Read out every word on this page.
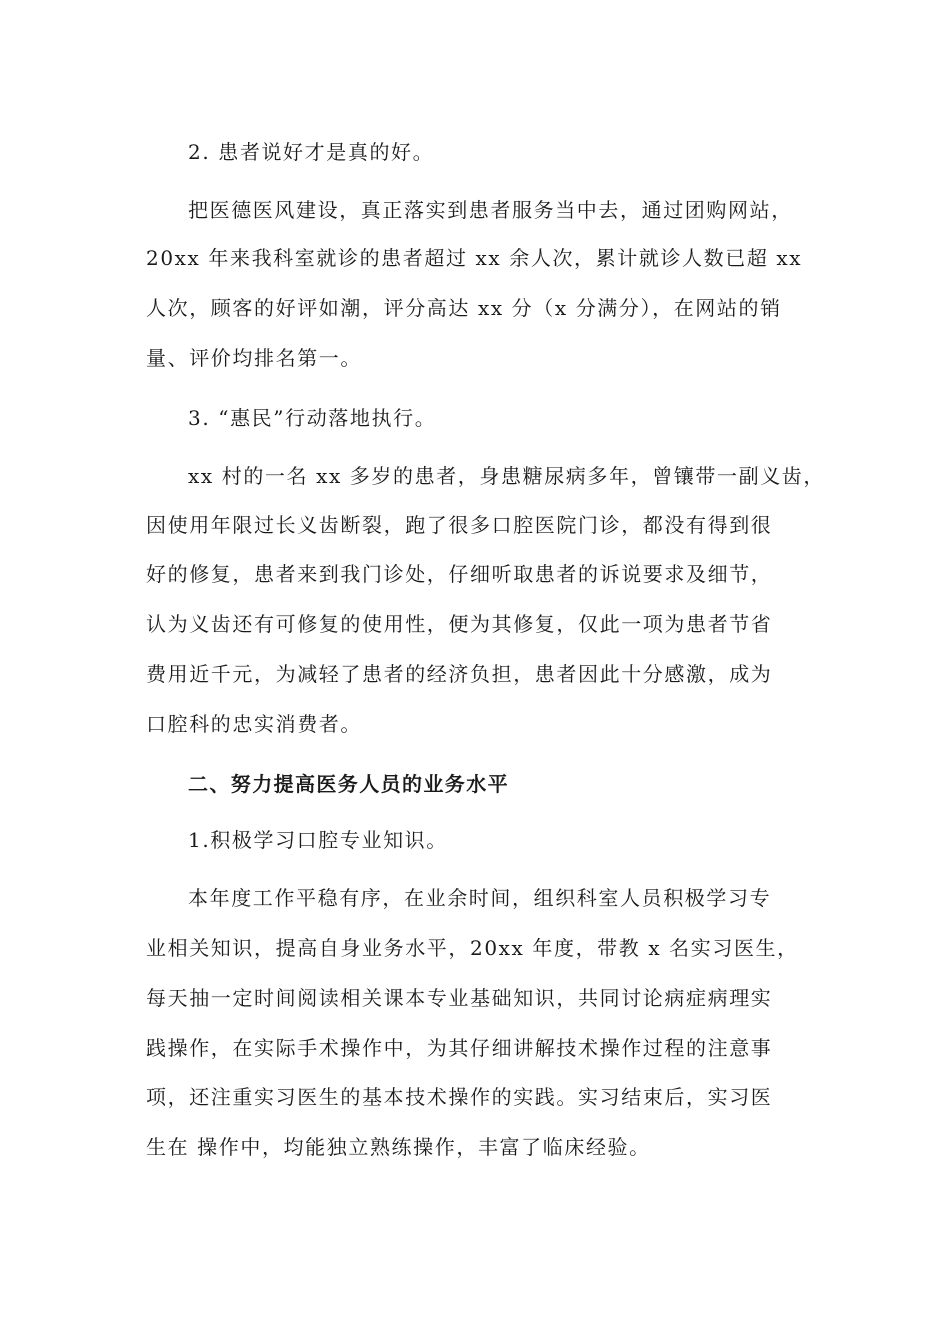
2. 患者说好才是真的好。
把医德医风建设，真正落实到患者服务当中去，通过团购网站，
20xx 年来我科室就诊的患者超过 xx 余人次，累计就诊人数已超 xx
人次，顾客的好评如潮，评分高达 xx 分（x 分满分），在网站的销
量、评价均排名第一。
3. “惠民”行动落地执行。
xx 村的一名 xx 多岁的患者，身患糖尿病多年，曾镶带一副义齿，
因使用年限过长义齿断裂，跑了很多口腔医院门诊，都没有得到很
好的修复，患者来到我门诊处，仔细听取患者的诉说要求及细节，
认为义齿还有可修复的使用性，便为其修复，仅此一项为患者节省
费用近千元，为减轻了患者的经济负担，患者因此十分感激，成为
口腔科的忠实消费者。
二、努力提高医务人员的业务水平
1.积极学习口腔专业知识。
本年度工作平稳有序，在业余时间，组织科室人员积极学习专
业相关知识，提高自身业务水平，20xx 年度，带教 x 名实习医生，
每天抽一定时间阅读相关课本专业基础知识，共同讨论病症病理实
践操作，在实际手术操作中，为其仔细讲解技术操作过程的注意事
项，还注重实习医生的基本技术操作的实践。实习结束后，实习医
生在 操作中，均能独立熟练操作，丰富了临床经验。
